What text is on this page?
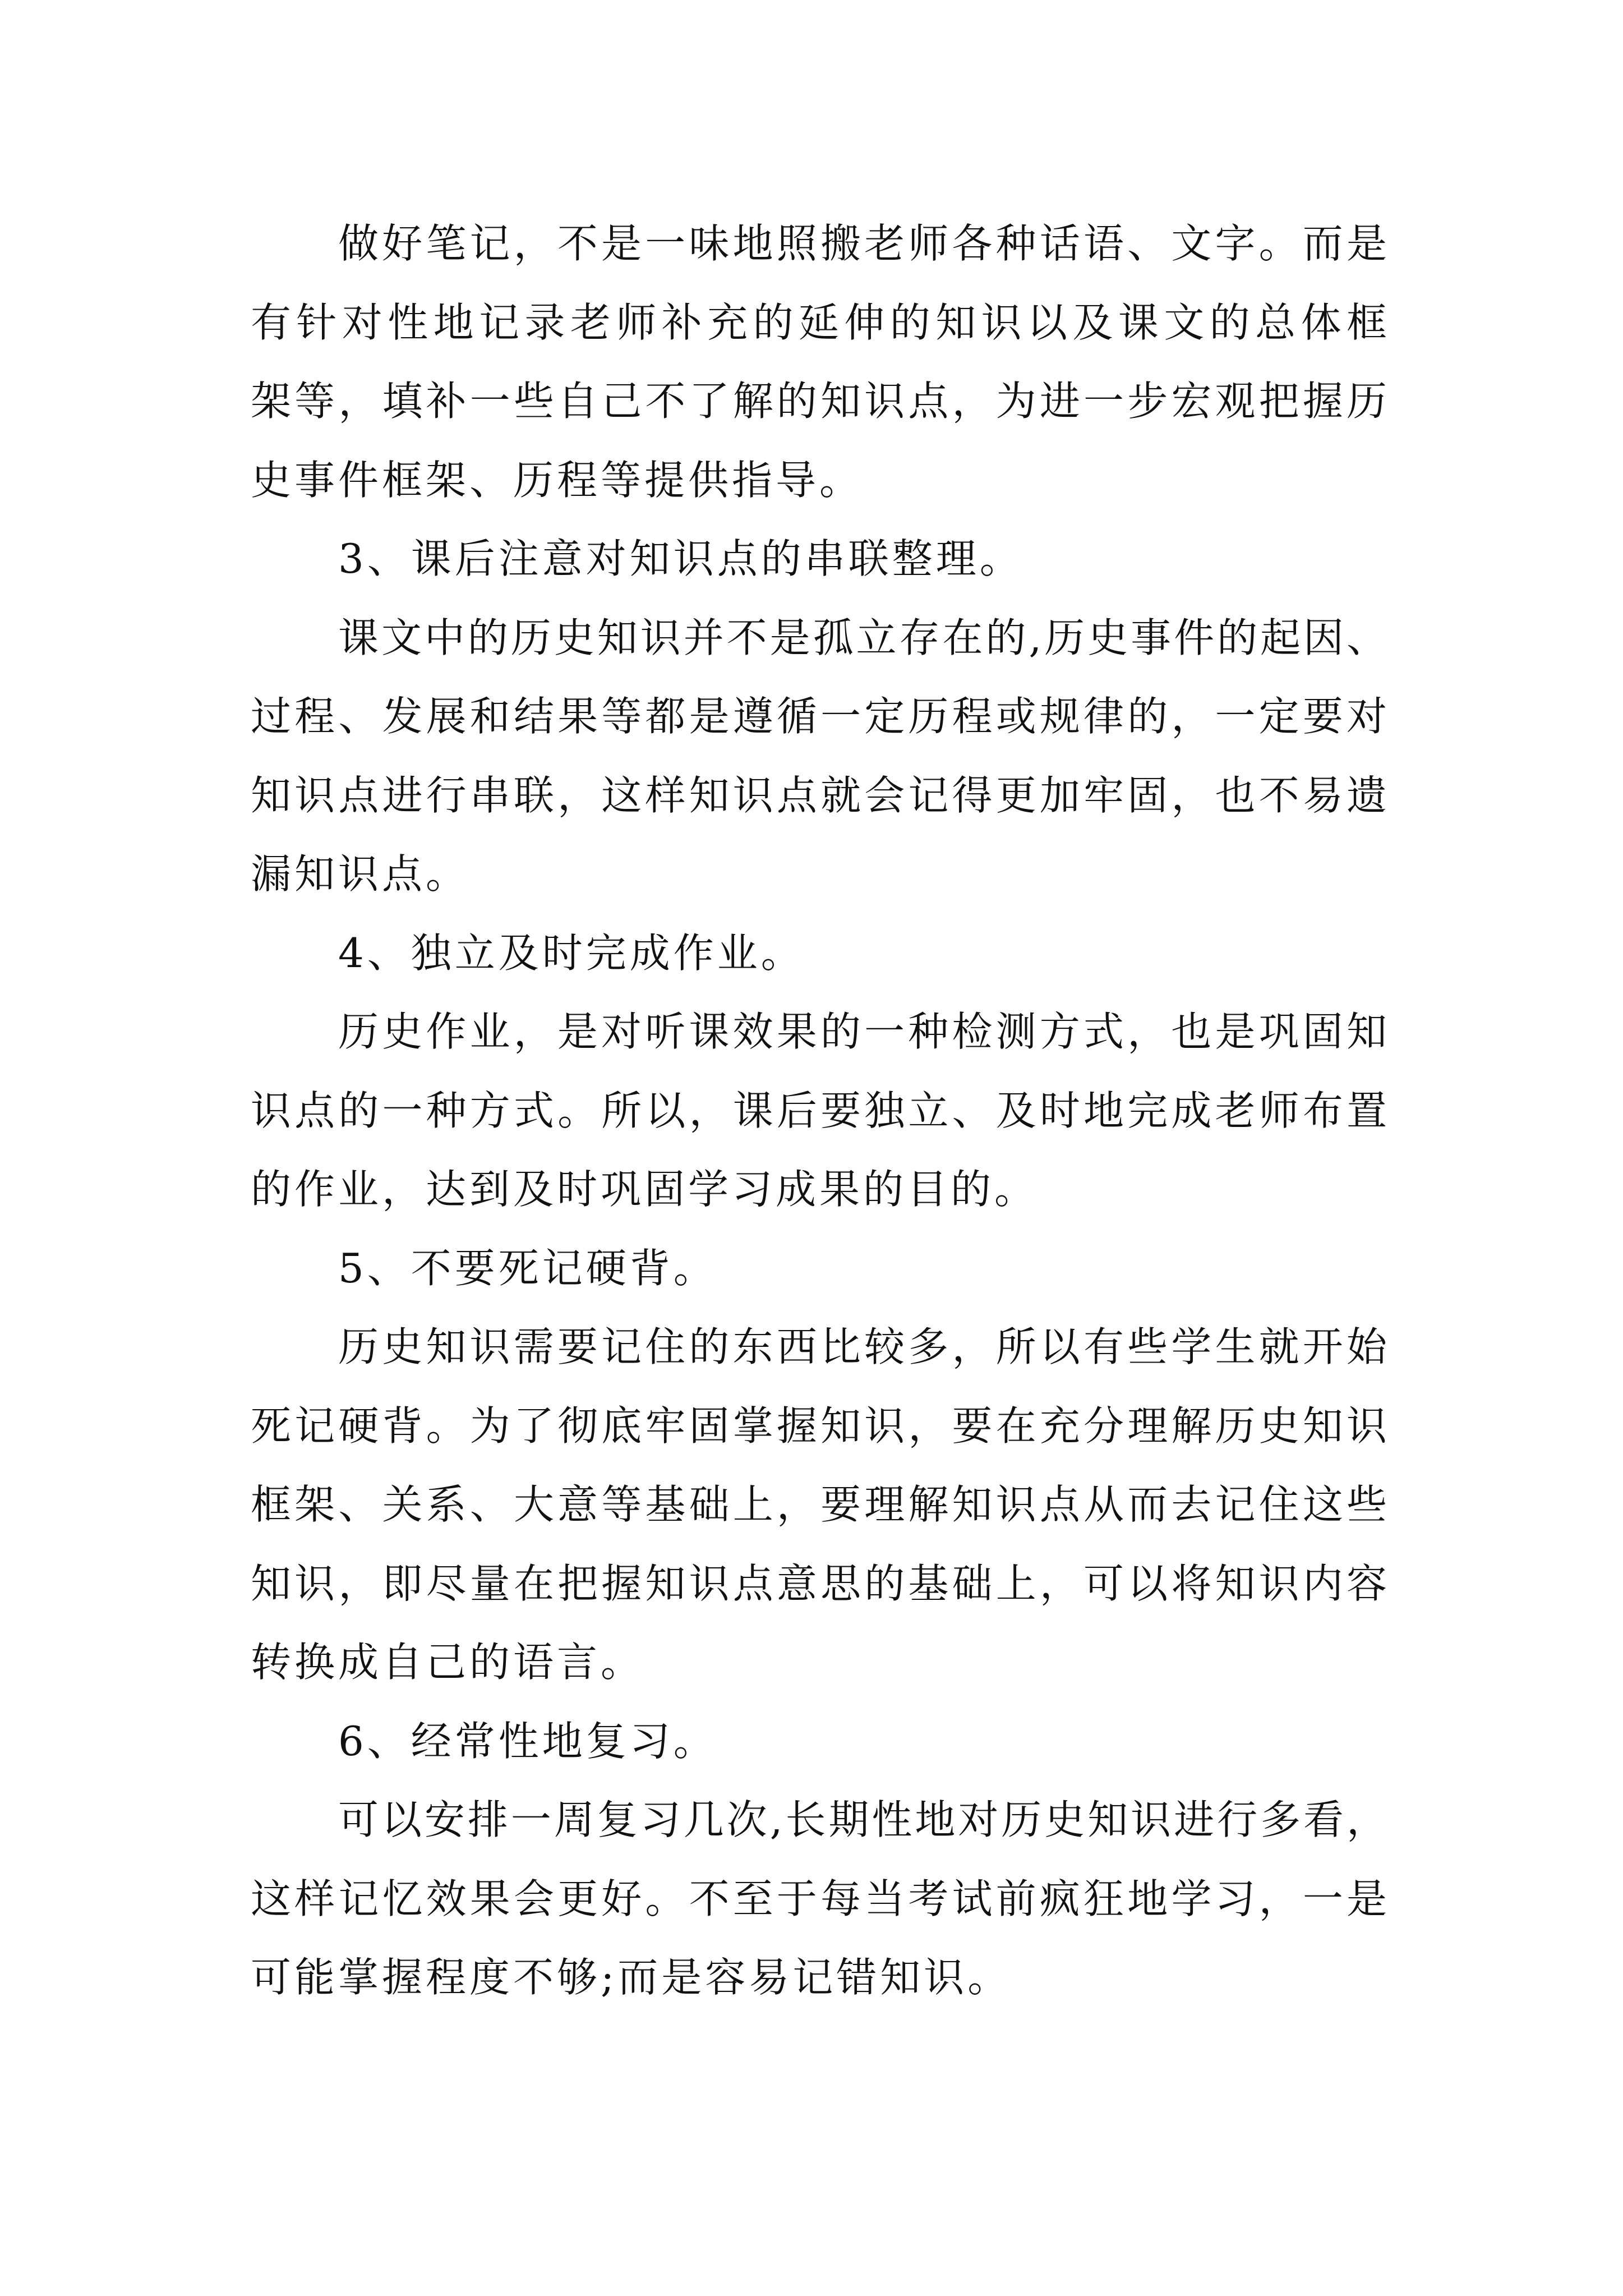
做好笔记，不是一味地照搬老师各种话语、文字。而是
有针对性地记录老师补充的延伸的知识以及课文的总体框
架等，填补一些自己不了解的知识点，为进一步宏观把握历
史事件框架、历程等提供指导。
3、课后注意对知识点的串联整理。
课文中的历史知识并不是孤立存在的,历史事件的起因、
过程、发展和结果等都是遵循一定历程或规律的，一定要对
知识点进行串联，这样知识点就会记得更加牢固，也不易遗
漏知识点。
4、独立及时完成作业。
历史作业，是对听课效果的一种检测方式，也是巩固知
识点的一种方式。所以，课后要独立、及时地完成老师布置
的作业，达到及时巩固学习成果的目的。
5、不要死记硬背。
历史知识需要记住的东西比较多，所以有些学生就开始
死记硬背。为了彻底牢固掌握知识，要在充分理解历史知识
框架、关系、大意等基础上，要理解知识点从而去记住这些
知识，即尽量在把握知识点意思的基础上，可以将知识内容
转换成自己的语言。
6、经常性地复习。
可以安排一周复习几次,长期性地对历史知识进行多看，
这样记忆效果会更好。不至于每当考试前疯狂地学习，一是
可能掌握程度不够;而是容易记错知识。
